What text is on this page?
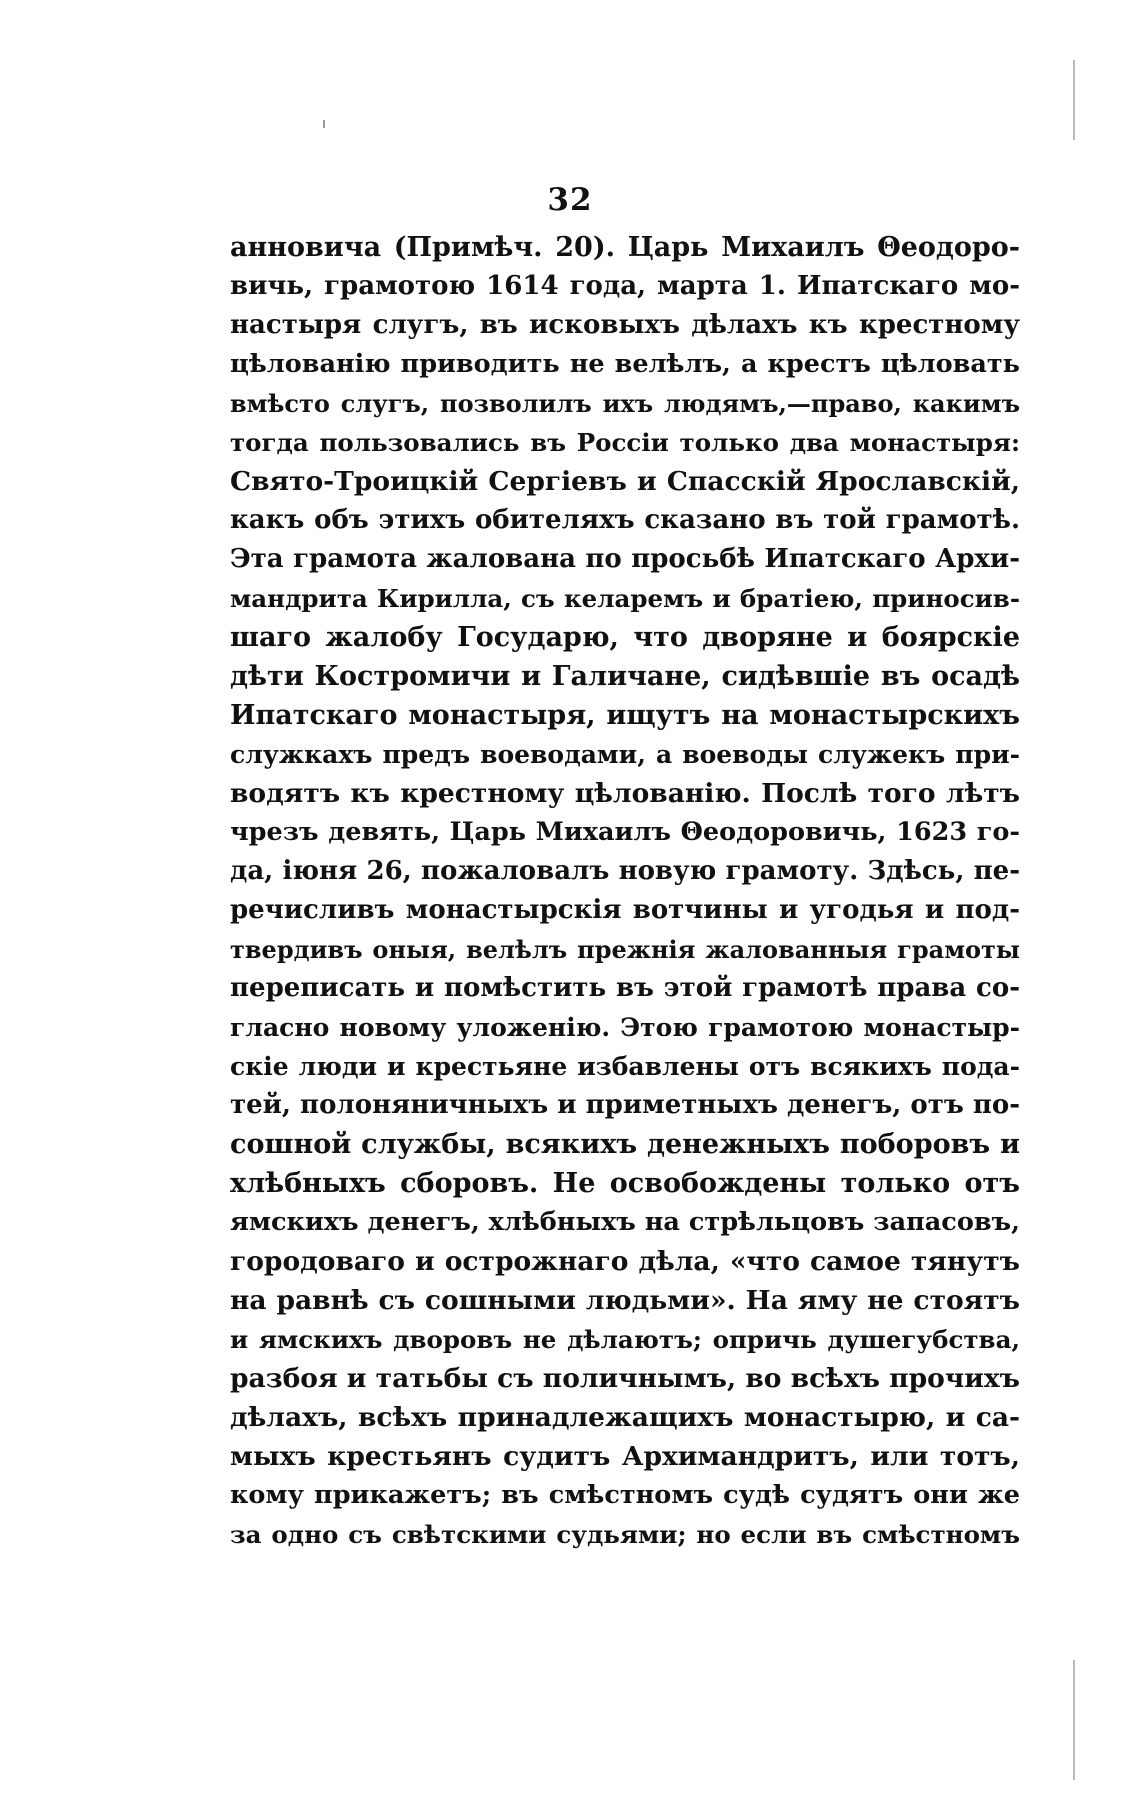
32
анновича (Примѣч. 20). Царь Михаилъ Θеодоро-
вичь, грамотою 1614 года, марта 1. Ипатскаго мо-
настыря слугъ, въ исковыхъ дѣлахъ къ крестному
цѣлованію приводить не велѣлъ, а крестъ цѣловать
вмѣсто слугъ, позволилъ ихъ людямъ,—право, какимъ
тогда пользовались въ Россіи только два монастыря:
Свято-Троицкій Сергіевъ и Спасскій Ярославскій,
какъ объ этихъ обителяхъ сказано въ той грамотѣ.
Эта грамота жалована по просьбѣ Ипатскаго Архи-
мандрита Кирилла, съ келаремъ и братіею, приносив-
шаго жалобу Государю, что дворяне и боярскіе
дѣти Костромичи и Галичане, сидѣвшіе въ осадѣ
Ипатскаго монастыря, ищутъ на монастырскихъ
служкахъ предъ воеводами, а воеводы служекъ при-
водятъ къ крестному цѣлованію. Послѣ того лѣтъ
чрезъ девять, Царь Михаилъ Θеодоровичь, 1623 го-
да, іюня 26, пожаловалъ новую грамоту. Здѣсь, пе-
речисливъ монастырскія вотчины и угодья и под-
твердивъ оныя, велѣлъ прежнія жалованныя грамоты
переписать и помѣстить въ этой грамотѣ права со-
гласно новому уложенію. Этою грамотою монастыр-
скіе люди и крестьяне избавлены отъ всякихъ пода-
тей, полоняничныхъ и приметныхъ денегъ, отъ по-
сошной службы, всякихъ денежныхъ поборовъ и
хлѣбныхъ сборовъ. Не освобождены только отъ
ямскихъ денегъ, хлѣбныхъ на стрѣльцовъ запасовъ,
городоваго и острожнаго дѣла, «что самое тянутъ
на равнѣ съ сошными людьми». На яму не стоятъ
и ямскихъ дворовъ не дѣлаютъ; опричь душегубства,
разбоя и татьбы съ поличнымъ, во всѣхъ прочихъ
дѣлахъ, всѣхъ принадлежащихъ монастырю, и са-
мыхъ крестьянъ судитъ Архимандритъ, или тотъ,
кому прикажетъ; въ смѣстномъ судѣ судятъ они же
за одно съ свѣтскими судьями; но если въ смѣстномъ
